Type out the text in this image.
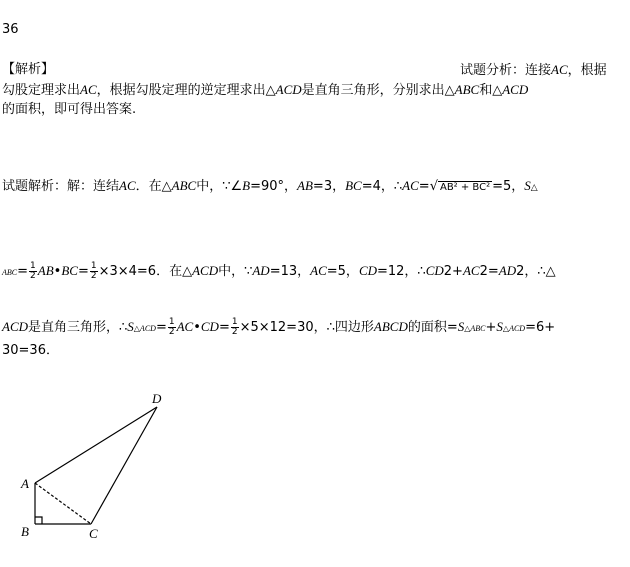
36
【解析】	试题分析：连接AC，根据
勾股定理求出AC，根据勾股定理的逆定理求出△ACD是直角三角形，分别求出△ABC和△ACD
的面积，即可得出答案.
试题解析：解：连结AC．在△ABC中，∵∠B=90°，AB=3，BC=4，∴AC=√ AB² + BC² =5，S△
$ABC= \frac{1}{2}$ AB•BC= $\frac{1}{2} \times 3\times 4=6$．在△ACD中，∵AD=13，AC=5，CD=12，∴CD2+AC2=AD2，∴△
ACD是直角三角形，∴S△ACD= $\frac{1}{2}$ AC•CD= $\frac{1}{2} \times 5\times 12=30$，∴四边形ABCD的面积=S△ABC+S△ACD=6+
30=36．
A
B	C
D
